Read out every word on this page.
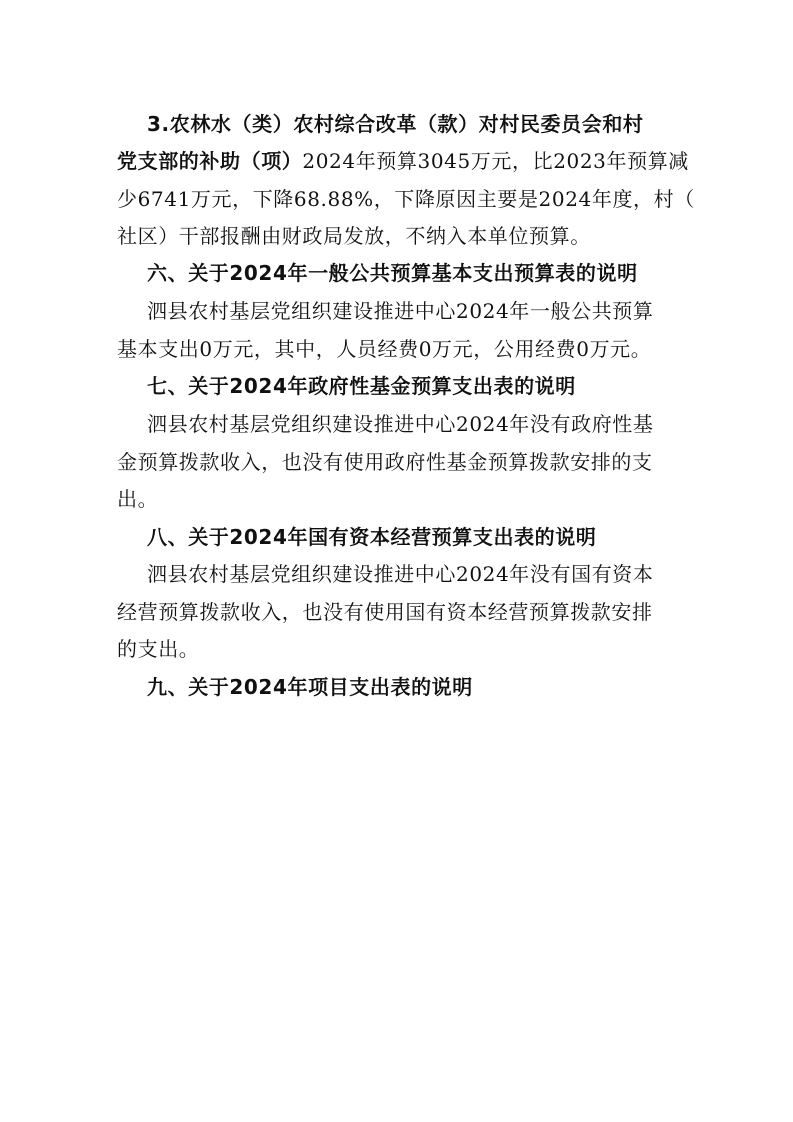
3.农林水（类）农村综合改革（款）对村民委员会和村
党支部的补助（项）2024年预算3045万元，比2023年预算减
少6741万元，下降68.88%，下降原因主要是2024年度，村（
社区）干部报酬由财政局发放，不纳入本单位预算。
六、关于2024年一般公共预算基本支出预算表的说明
泗县农村基层党组织建设推进中心2024年一般公共预算
基本支出0万元，其中，人员经费0万元，公用经费0万元。
七、关于2024年政府性基金预算支出表的说明
泗县农村基层党组织建设推进中心2024年没有政府性基
金预算拨款收入，也没有使用政府性基金预算拨款安排的支
出。
八、关于2024年国有资本经营预算支出表的说明
泗县农村基层党组织建设推进中心2024年没有国有资本
经营预算拨款收入，也没有使用国有资本经营预算拨款安排
的支出。
九、关于2024年项目支出表的说明
